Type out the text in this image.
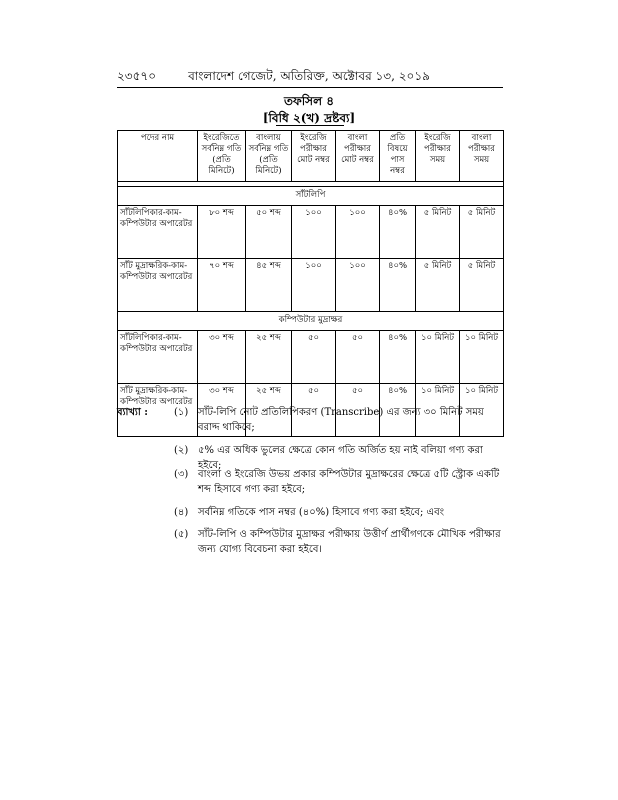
২৩৫৭০	বাংলাদেশ গেজেট, অতিরিক্ত, অক্টোবর ১৩, ২০১৯
তফসিল ৪
[বিধি ২(খ) দ্রষ্টব্য]
পদের নাম	ইংরেজিতে সর্বনিম্ন গতি (প্রতি মিনিটে)	বাংলায় সর্বনিম্ন গতি (প্রতি মিনিটে)	ইংরেজি পরীক্ষার মোট নম্বর	বাংলা পরীক্ষার মোট নম্বর	প্রতি বিষয়ে পাস নম্বর	ইংরেজি পরীক্ষার সময়	বাংলা পরীক্ষার সময়

সাঁটলিপি							
সাঁটলিপিকার-কাম-কম্পিউটার অপারেটর	৮০ শব্দ	৫০ শব্দ	১০০	১০০	৪০%	৫ মিনিট	৫ মিনিট
সাঁট মুদ্রাক্ষরিক-কাম- কম্পিউটার অপারেটর	৭০ শব্দ	৪৫ শব্দ	১০০	১০০	৪০%	৫ মিনিট	৫ মিনিট
কম্পিউটার মুদ্রাক্ষর							
সাঁটলিপিকার-কাম-কম্পিউটার অপারেটর	৩০ শব্দ	২৫ শব্দ	৫০	৫০	৪০%	১০ মিনিট	১০ মিনিট
সাঁট মুদ্রাক্ষরিক-কাম-কম্পিউটার অপারেটর	৩০ শব্দ	২৫ শব্দ	৫০	৫০	৪০%	১০ মিনিট	১০ মিনিট
ব্যাখ্যা :	(১) সাঁট-লিপি নোট প্রতিলিপিকরণ (Transcribe) এর জন্য ৩০ মিনিট সময় বরাদ্দ থাকিবে;
(২) ৫% এর অধিক ভুলের ক্ষেত্রে কোন গতি অর্জিত হয় নাই বলিয়া গণ্য করা হইবে;
(৩) বাংলা ও ইংরেজি উভয় প্রকার কম্পিউটার মুদ্রাক্ষরের ক্ষেত্রে ৫টি স্ট্রোক একটি শব্দ হিসাবে গণ্য করা হইবে;
(৪) সর্বনিম্ন গতিকে পাস নম্বর (৪০%) হিসাবে গণ্য করা হইবে; এবং
(৫) সাঁট-লিপি ও কম্পিউটার মুদ্রাক্ষর পরীক্ষায় উত্তীর্ণ প্রার্থীগণকে মৌখিক পরীক্ষার জন্য যোগ্য বিবেচনা করা হইবে।
